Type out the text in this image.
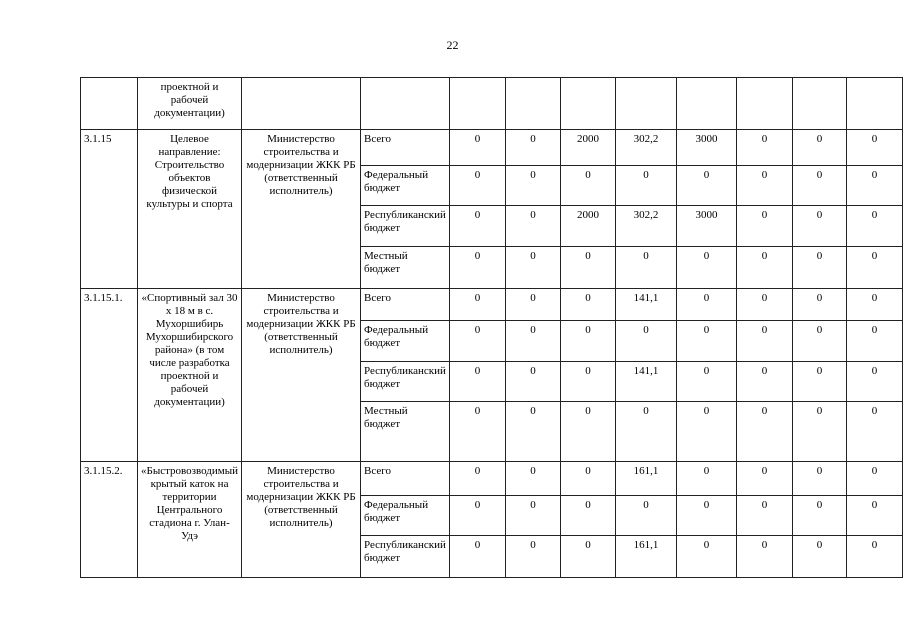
22
	проектной и рабочей документации)										
3.1.15	Целевое направление: Строительство объектов физической культуры и спорта	Министерство строительства и модернизации ЖКК РБ (ответственный исполнитель)	Всего	0	0	2000	302,2	3000	0	0	0
			Федеральный бюджет	0	0	0	0	0	0	0	0
			Республиканский бюджет	0	0	2000	302,2	3000	0	0	0
			Местный бюджет	0	0	0	0	0	0	0	0
3.1.15.1.	«Спортивный зал 30 х 18 м в с. Мухоршибирь Мухоршибирского района» (в том числе разработка проектной и рабочей документации)	Министерство строительства и модернизации ЖКК РБ (ответственный исполнитель)	Всего	0	0	0	141,1	0	0	0	0
			Федеральный бюджет	0	0	0	0	0	0	0	0
			Республиканский бюджет	0	0	0	141,1	0	0	0	0
			Местный бюджет	0	0	0	0	0	0	0	0
3.1.15.2.	«Быстровозводимый крытый каток на территории Центрального стадиона г. Улан-Удэ	Министерство строительства и модернизации ЖКК РБ (ответственный исполнитель)	Всего	0	0	0	161,1	0	0	0	0
			Федеральный бюджет	0	0	0	0	0	0	0	0
			Республиканский бюджет	0	0	0	161,1	0	0	0	0
